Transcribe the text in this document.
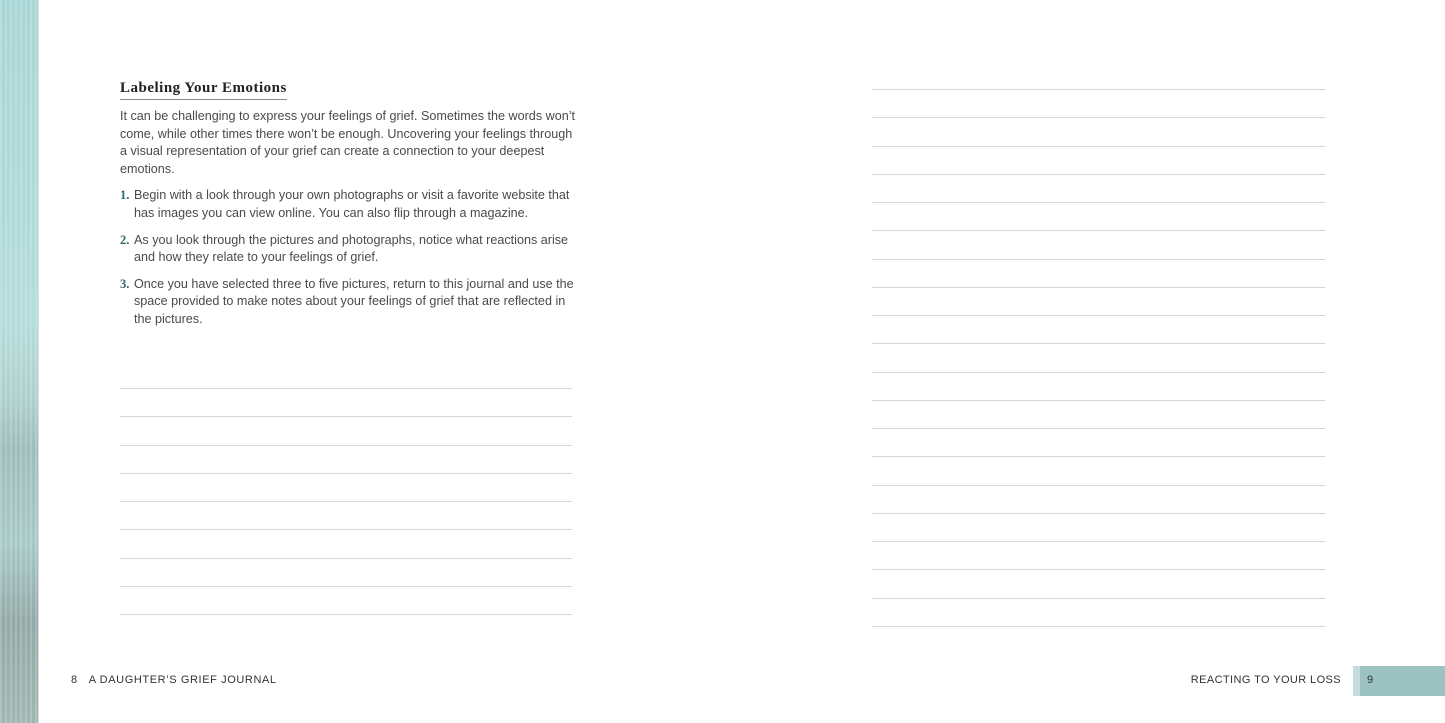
Labeling Your Emotions

It can be challenging to express your feelings of grief. Sometimes the words won’t come, while other times there won’t be enough. Uncovering your feelings through a visual representation of your grief can create a connection to your deepest emotions.

1. Begin with a look through your own photographs or visit a favorite website that has images you can view online. You can also flip through a magazine.
2. As you look through the pictures and photographs, notice what reactions arise and how they relate to your feelings of grief.
3. Once you have selected three to five pictures, return to this journal and use the space provided to make notes about your feelings of grief that are reflected in the pictures.
8 A DAUGHTER’S GRIEF JOURNAL	REACTING TO YOUR LOSS 9
